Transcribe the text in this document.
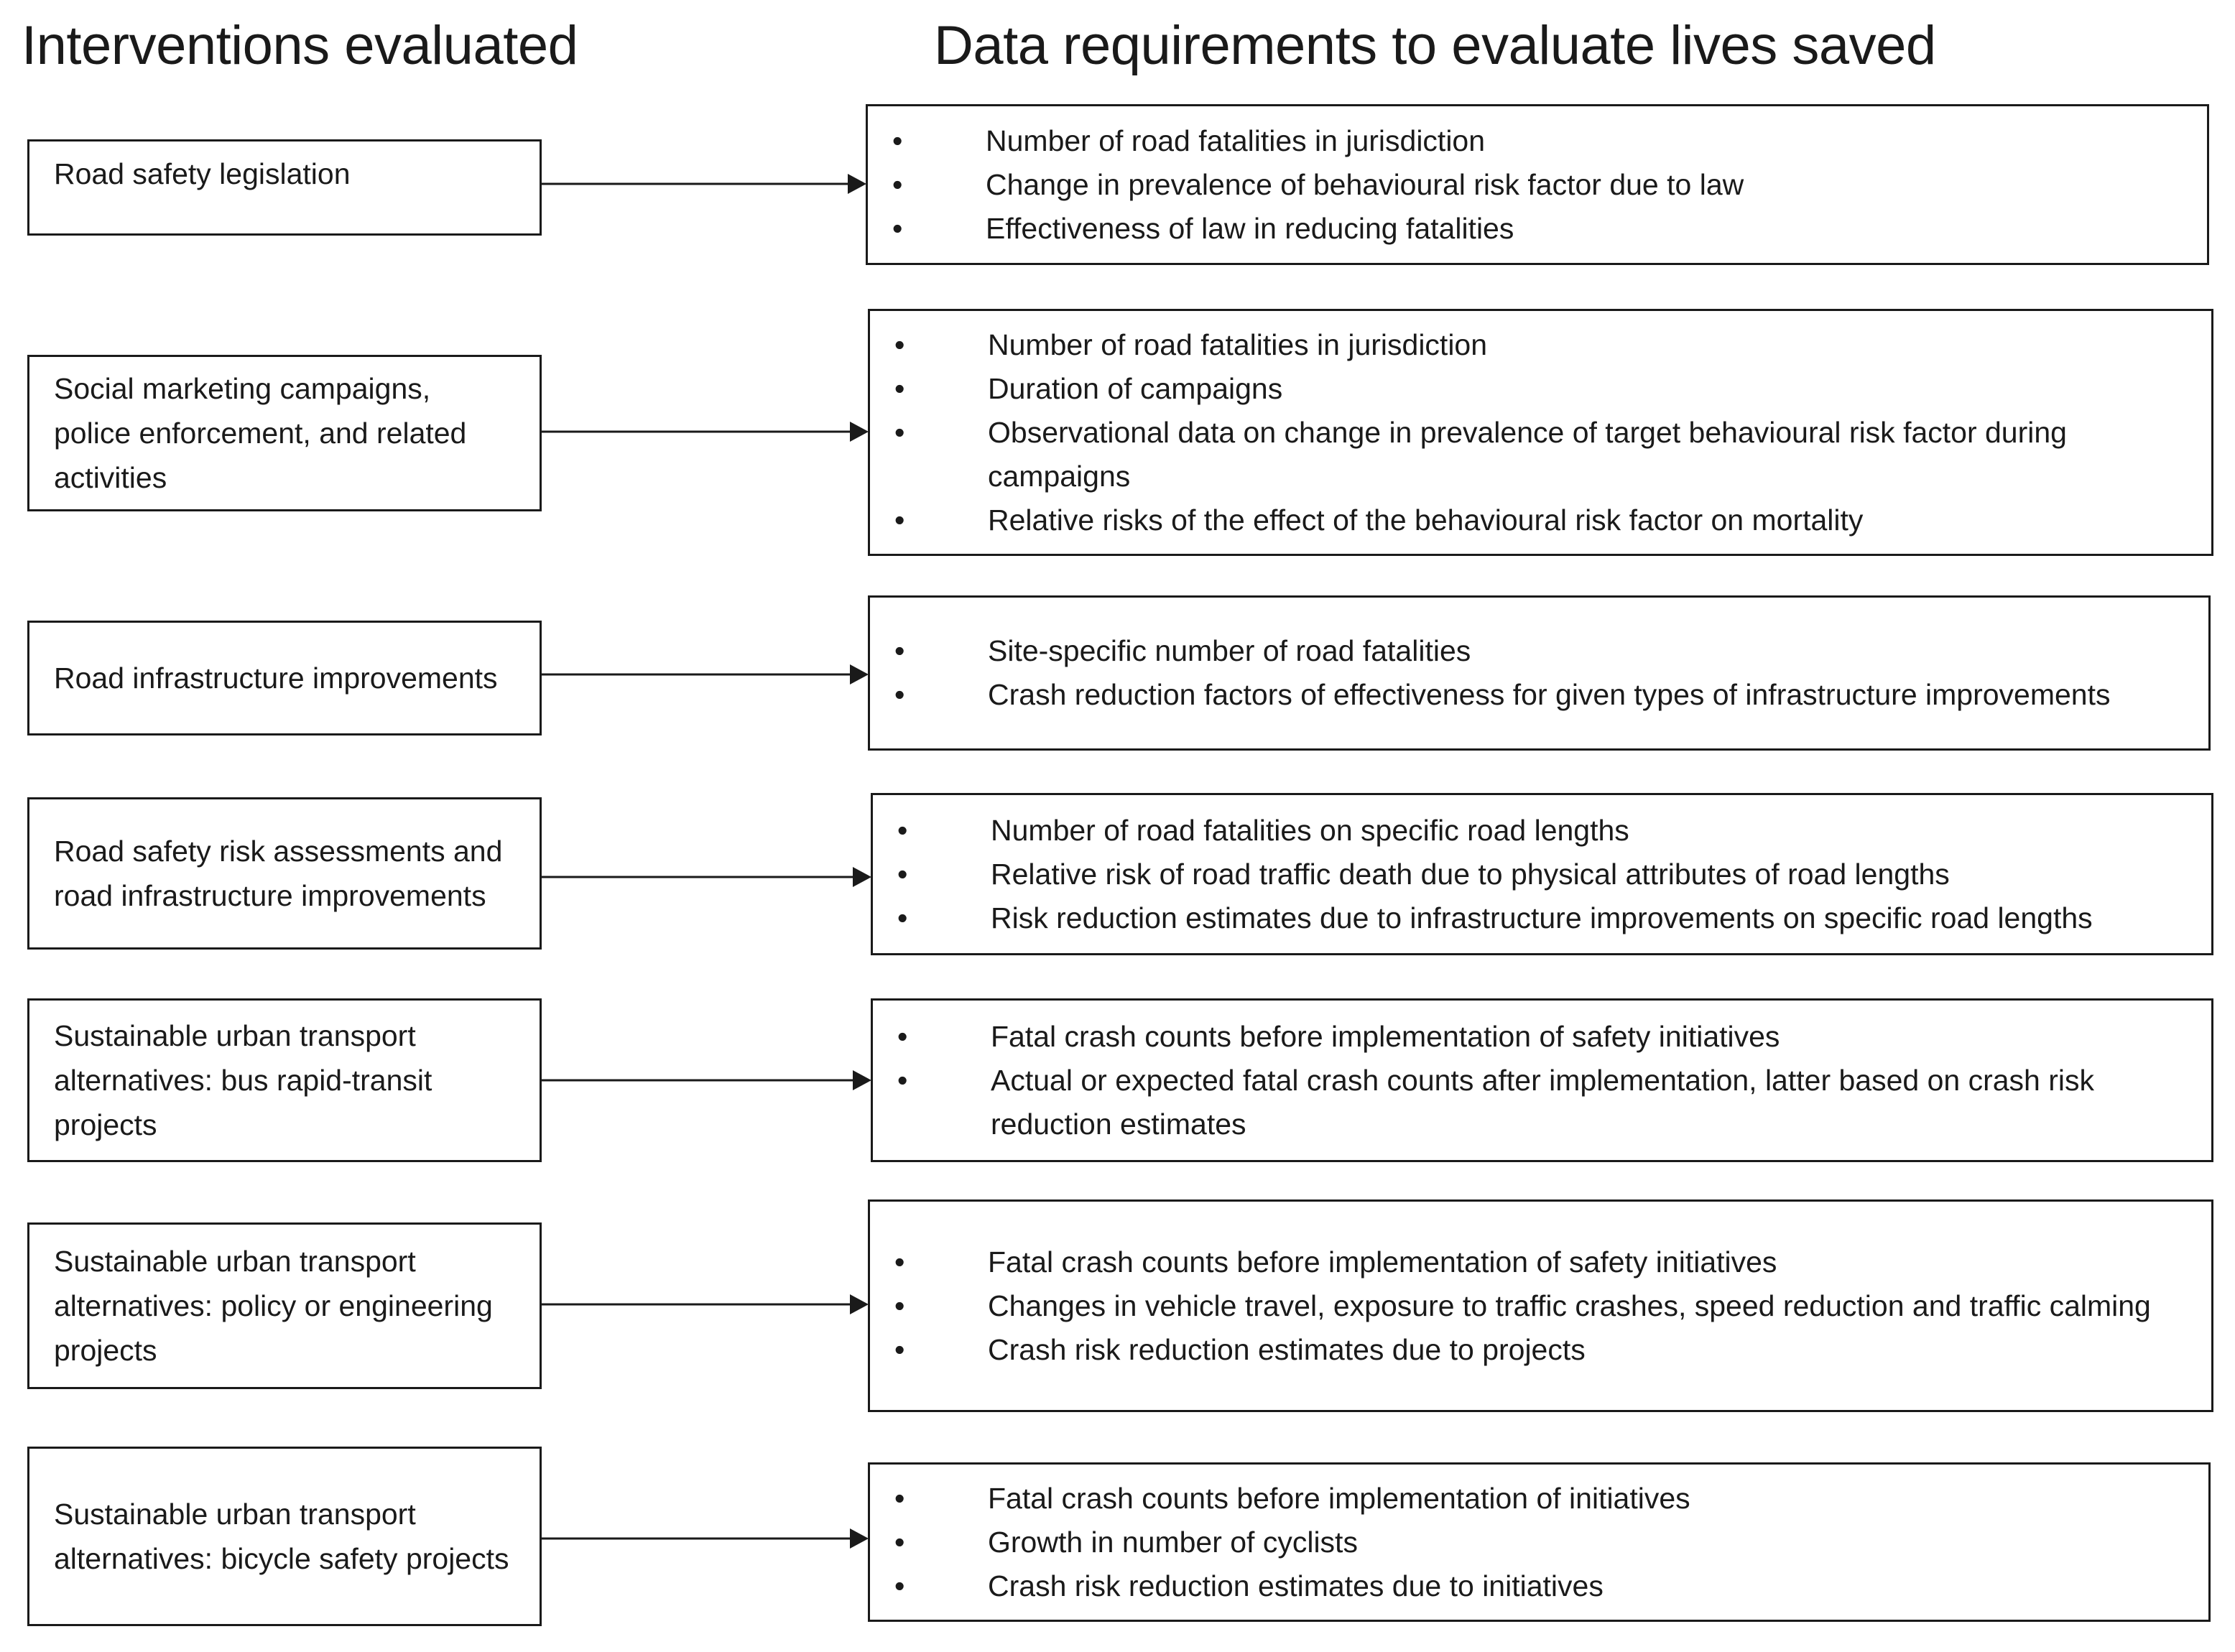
Interventions evaluated	Data requirements to evaluate lives saved
Road safety legislation
• Number of road fatalities in jurisdiction
• Change in prevalence of behavioural risk factor due to law
• Effectiveness of law in reducing fatalities
Social marketing campaigns, police enforcement, and related activities
• Number of road fatalities in jurisdiction
• Duration of campaigns
• Observational data on change in prevalence of target behavioural risk factor during campaigns
• Relative risks of the effect of the behavioural risk factor on mortality
Road infrastructure improvements
• Site-specific number of road fatalities
• Crash reduction factors of effectiveness for given types of infrastructure improvements
Road safety risk assessments and road infrastructure improvements
• Number of road fatalities on specific road lengths
• Relative risk of road traffic death due to physical attributes of road lengths
• Risk reduction estimates due to infrastructure improvements on specific road lengths
Sustainable urban transport alternatives: bus rapid-transit projects
• Fatal crash counts before implementation of safety initiatives
• Actual or expected fatal crash counts after implementation, latter based on crash risk reduction estimates
Sustainable urban transport alternatives: policy or engineering projects
• Fatal crash counts before implementation of safety initiatives
• Changes in vehicle travel, exposure to traffic crashes, speed reduction and traffic calming
• Crash risk reduction estimates due to projects
Sustainable urban transport alternatives: bicycle safety projects
• Fatal crash counts before implementation of initiatives
• Growth in number of cyclists
• Crash risk reduction estimates due to initiatives
